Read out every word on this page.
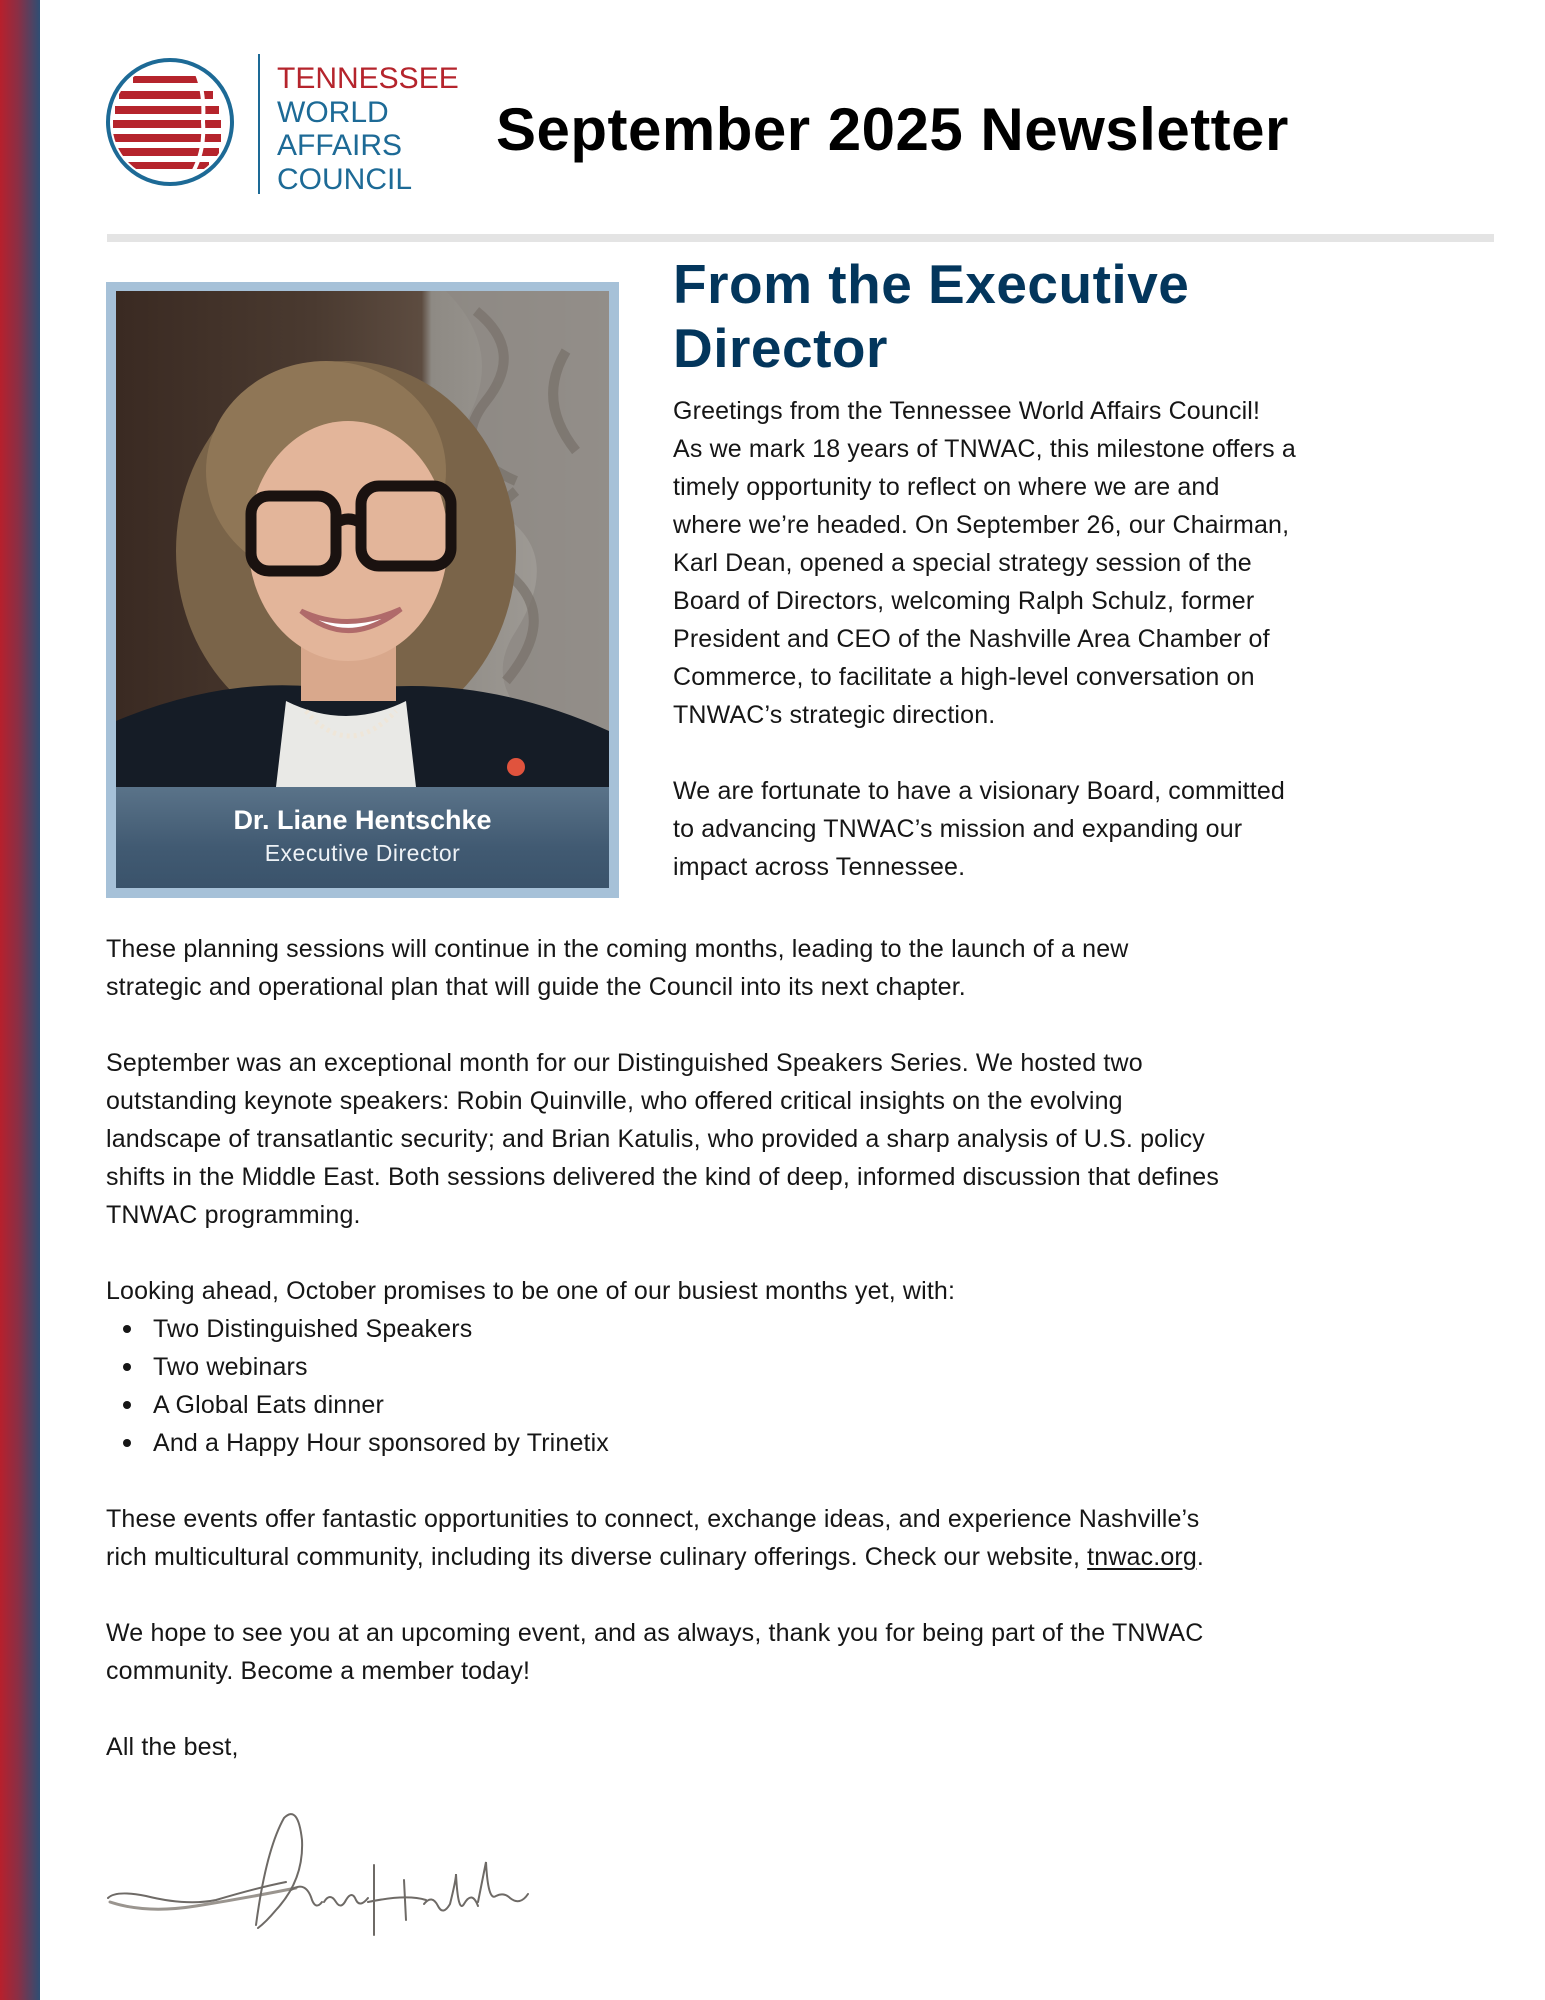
TENNESSEE
WORLD
AFFAIRS
COUNCIL
September 2025 Newsletter
Dr. Liane Hentschke
Executive Director
From the Executive
Director
Greetings from the Tennessee World Affairs Council!
As we mark 18 years of TNWAC, this milestone offers a
timely opportunity to reflect on where we are and
where we’re headed. On September 26, our Chairman,
Karl Dean, opened a special strategy session of the
Board of Directors, welcoming Ralph Schulz, former
President and CEO of the Nashville Area Chamber of
Commerce, to facilitate a high-level conversation on
TNWAC’s strategic direction.
We are fortunate to have a visionary Board, committed
to advancing TNWAC’s mission and expanding our
impact across Tennessee.
These planning sessions will continue in the coming months, leading to the launch of a new
strategic and operational plan that will guide the Council into its next chapter.
September was an exceptional month for our Distinguished Speakers Series. We hosted two
outstanding keynote speakers: Robin Quinville, who offered critical insights on the evolving
landscape of transatlantic security; and Brian Katulis, who provided a sharp analysis of U.S. policy
shifts in the Middle East. Both sessions delivered the kind of deep, informed discussion that defines
TNWAC programming.
Looking ahead, October promises to be one of our busiest months yet, with:
Two Distinguished Speakers
Two webinars
A Global Eats dinner
And a Happy Hour sponsored by Trinetix
These events offer fantastic opportunities to connect, exchange ideas, and experience Nashville’s
rich multicultural community, including its diverse culinary offerings. Check our website, tnwac.org.
We hope to see you at an upcoming event, and as always, thank you for being part of the TNWAC
community. Become a member today!
All the best,
